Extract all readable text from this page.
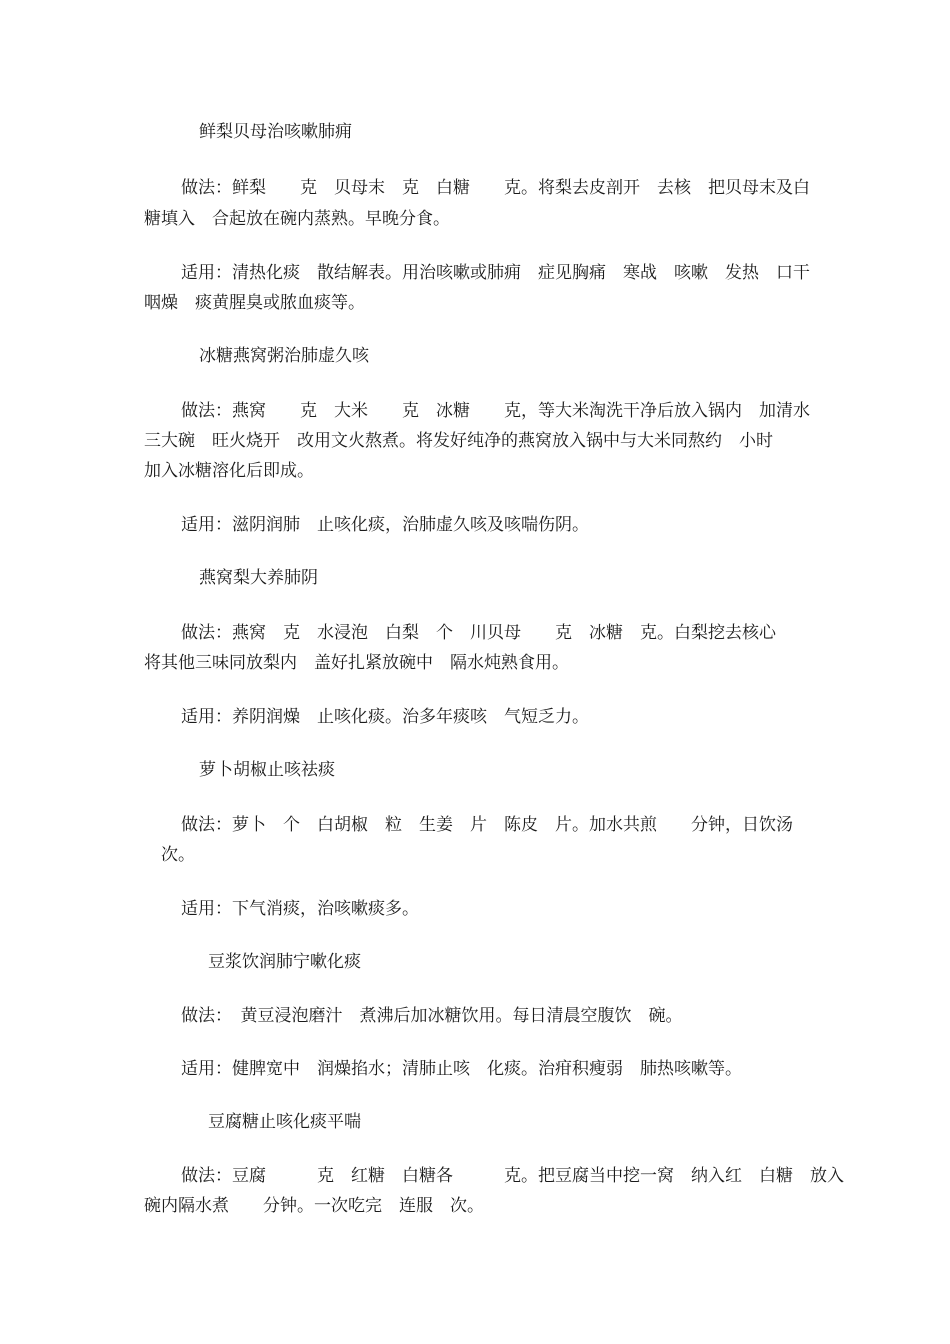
鲜梨贝母治咳嗽肺痈
做法：鲜梨　　克　贝母末　克　白糖　　克。将梨去皮剖开　去核　把贝母末及白
糖填入　合起放在碗内蒸熟。早晚分食。
适用：清热化痰　散结解表。用治咳嗽或肺痈　症见胸痛　寒战　咳嗽　发热　口干
咽燥　痰黄腥臭或脓血痰等。
冰糖燕窝粥治肺虚久咳
做法：燕窝　　克　大米　　克　冰糖　　克，等大米淘洗干净后放入锅内　加清水
三大碗　旺火烧开　改用文火熬煮。将发好纯净的燕窝放入锅中与大米同熬约　小时
加入冰糖溶化后即成。
适用：滋阴润肺　止咳化痰，治肺虚久咳及咳喘伤阴。
燕窝梨大养肺阴
做法：燕窝　克　水浸泡　白梨　个　川贝母　　克　冰糖　克。白梨挖去核心
将其他三味同放梨内　盖好扎紧放碗中　隔水炖熟食用。
适用：养阴润燥　止咳化痰。治多年痰咳　气短乏力。
萝卜胡椒止咳祛痰
做法：萝卜　个　白胡椒　粒　生姜　片　陈皮　片。加水共煎　　分钟，日饮汤
　次。
适用：下气消痰，治咳嗽痰多。
豆浆饮润肺宁嗽化痰
做法：　黄豆浸泡磨汁　煮沸后加冰糖饮用。每日清晨空腹饮　碗。
适用：健脾宽中　润燥掐水；清肺止咳　化痰。治疳积瘦弱　肺热咳嗽等。
豆腐糖止咳化痰平喘
做法：豆腐　　　克　红糖　白糖各　　　克。把豆腐当中挖一窝　纳入红　白糖　放入
碗内隔水煮　　分钟。一次吃完　连服　次。
